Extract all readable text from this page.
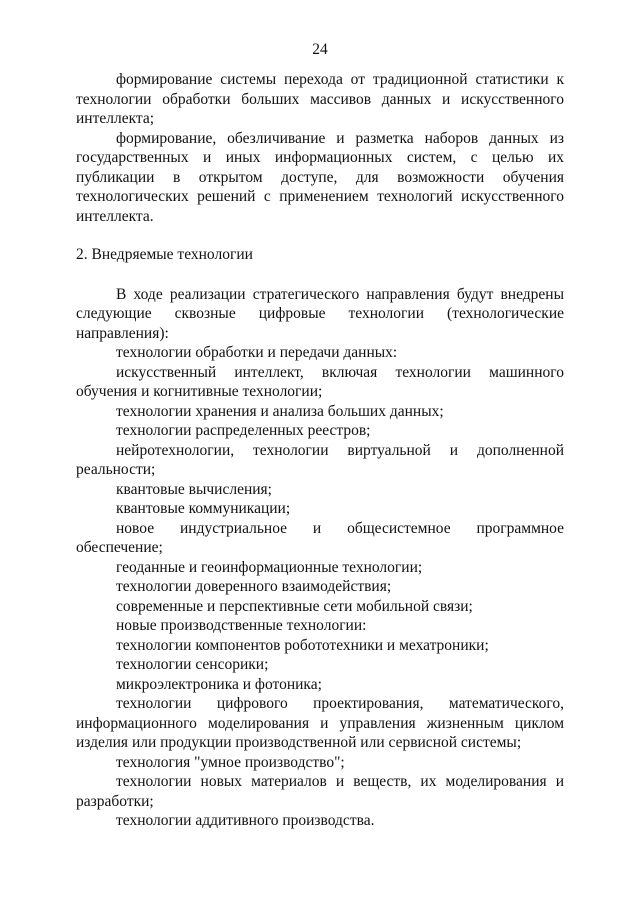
24

формирование системы перехода от традиционной статистики к технологии обработки больших массивов данных и искусственного интеллекта;

формирование, обезличивание и разметка наборов данных из государственных и иных информационных систем, с целью их публикации в открытом доступе, для возможности обучения технологических решений с применением технологий искусственного интеллекта.

2. Внедряемые технологии

В ходе реализации стратегического направления будут внедрены следующие сквозные цифровые технологии (технологические направления):

технологии обработки и передачи данных:

искусственный интеллект, включая технологии машинного обучения и когнитивные технологии;

технологии хранения и анализа больших данных;

технологии распределенных реестров;

нейротехнологии, технологии виртуальной и дополненной реальности;

квантовые вычисления;

квантовые коммуникации;

новое индустриальное и общесистемное программное обеспечение;

геоданные и геоинформационные технологии;

технологии доверенного взаимодействия;

современные и перспективные сети мобильной связи;

новые производственные технологии:

технологии компонентов робототехники и мехатроники;

технологии сенсорики;

микроэлектроника и фотоника;

технологии цифрового проектирования, математического, информационного моделирования и управления жизненным циклом изделия или продукции производственной или сервисной системы;

технология "умное производство";

технологии новых материалов и веществ, их моделирования и разработки;

технологии аддитивного производства.
